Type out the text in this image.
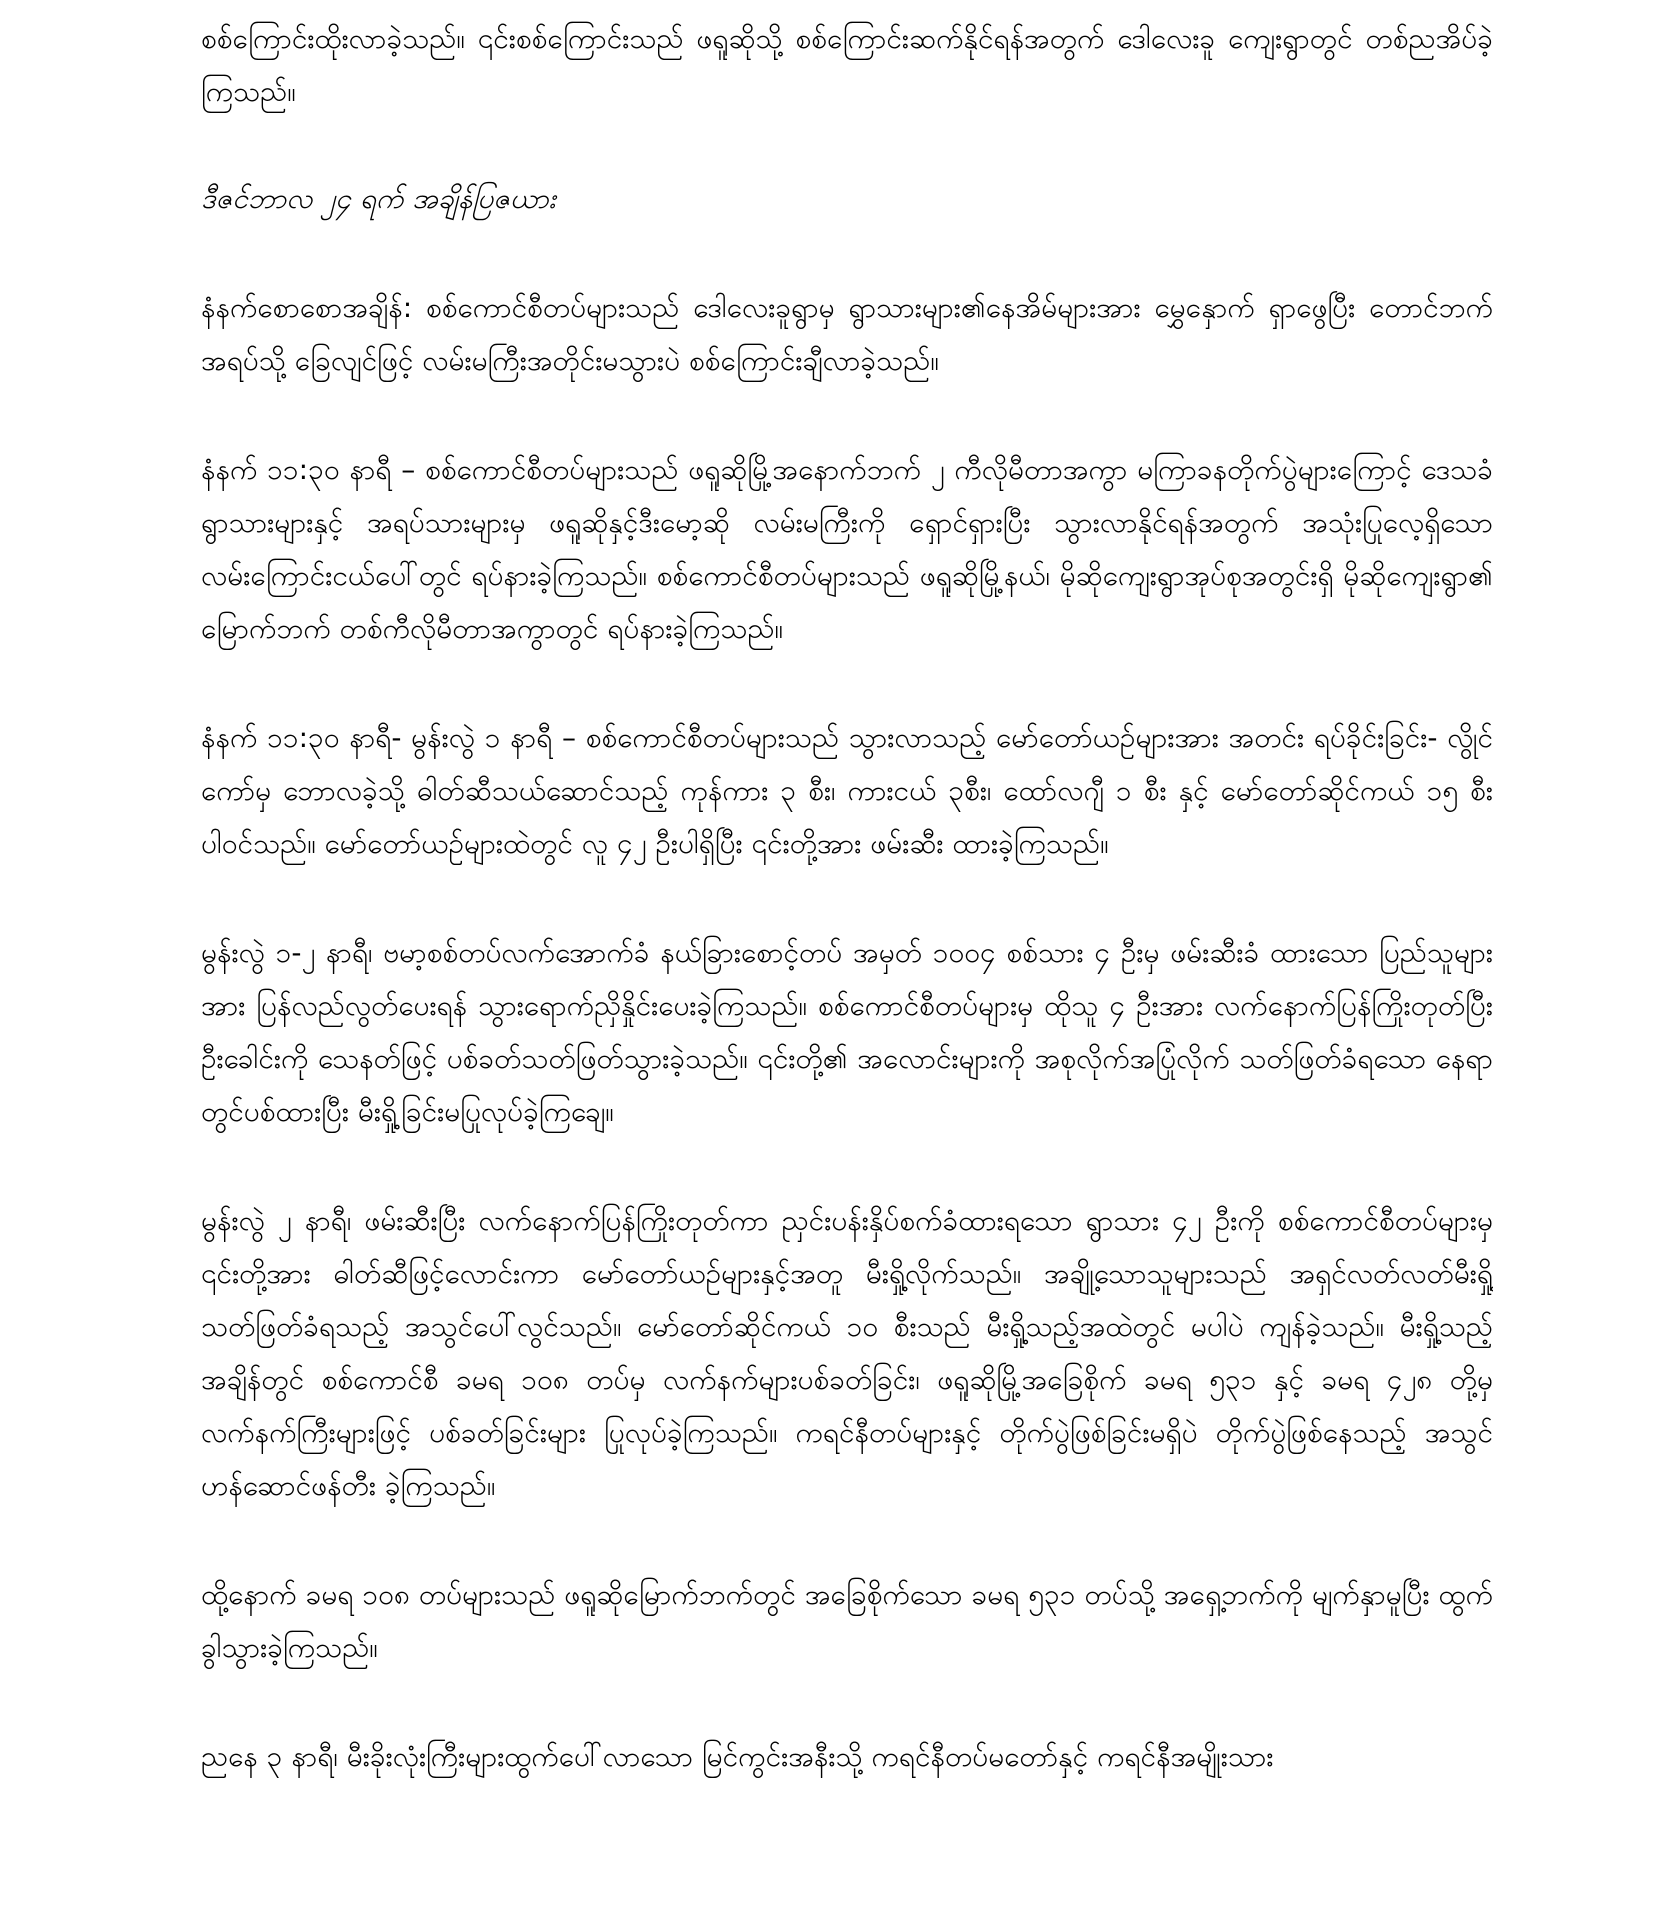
စစ်ကြောင်းထိုးလာခဲ့သည်။ ၎င်းစစ်ကြောင်းသည် ဖရူဆိုသို့ စစ်ကြောင်းဆက်နိုင်ရန်အတွက် ဒေါလေးခူ ကျေးရွာတွင် တစ်ညအိပ်ခဲ့ကြသည်။

ဒီဇင်ဘာလ ၂၄ ရက် အချိန်ပြဇယား

နံနက်စောစောအချိန်: စစ်ကောင်စီတပ်များသည် ဒေါလေးခူရွာမှ ရွာသားများ၏နေအိမ်များအား မွှေနှောက် ရှာဖွေပြီး တောင်ဘက်အရပ်သို့ ခြေလျင်ဖြင့် လမ်းမကြီးအတိုင်းမသွားပဲ စစ်ကြောင်းချီလာခဲ့သည်။

နံနက် ၁၁:၃၀ နာရီ – စစ်ကောင်စီတပ်များသည် ဖရူဆိုမြို့အနောက်ဘက် ၂ ကီလိုမီတာအကွာ မကြာခနတိုက်ပွဲများကြောင့် ဒေသခံရွာသားများနှင့် အရပ်သားများမှ ဖရူဆိုနှင့်ဒီးမော့ဆို လမ်းမကြီးကို ရှောင်ရှားပြီး သွားလာနိုင်ရန်အတွက် အသုံးပြုလေ့ရှိသော လမ်းကြောင်းငယ်ပေါ်တွင် ရပ်နားခဲ့ကြသည်။ စစ်ကောင်စီတပ်များသည် ဖရူဆိုမြို့နယ်၊ မိုဆိုကျေးရွာအုပ်စုအတွင်းရှိ မိုဆိုကျေးရွာ၏ မြောက်ဘက် တစ်ကီလိုမီတာအကွာတွင် ရပ်နားခဲ့ကြသည်။

နံနက် ၁၁:၃၀ နာရီ- မွန်းလွဲ ၁ နာရီ – စစ်ကောင်စီတပ်များသည် သွားလာသည့် မော်တော်ယဉ်များအား အတင်း ရပ်ခိုင်းခြင်း- လွိုင်ကော်မှ ဘောလခဲ့သို့ ဓါတ်ဆီသယ်ဆောင်သည့် ကုန်ကား ၃ စီး၊ ကားငယ် ၃စီး၊ ထော်လဂျီ ၁ စီး နှင့် မော်တော်ဆိုင်ကယ် ၁၅ စီးပါဝင်သည်။ မော်တော်ယဉ်များထဲတွင် လူ ၄၂ ဦးပါရှိပြီး ၎င်းတို့အား ဖမ်းဆီး ထားခဲ့ကြသည်။

မွန်းလွဲ ၁-၂ နာရီ၊ ဗမာ့စစ်တပ်လက်အောက်ခံ နယ်ခြားစောင့်တပ် အမှတ် ၁၀၀၄ စစ်သား ၄ ဦးမှ ဖမ်းဆီးခံ ထားသော ပြည်သူများအား ပြန်လည်လွတ်ပေးရန် သွားရောက်ညှိနှိုင်းပေးခဲ့ကြသည်။ စစ်ကောင်စီတပ်များမှ ထိုသူ ၄ ဦးအား လက်နောက်ပြန်ကြိုးတုတ်ပြီး ဦးခေါင်းကို သေနတ်ဖြင့် ပစ်ခတ်သတ်ဖြတ်သွားခဲ့သည်။ ၎င်းတို့၏ အလောင်းများကို အစုလိုက်အပြုံလိုက် သတ်ဖြတ်ခံရသော နေရာတွင်ပစ်ထားပြီး မီးရှို့ခြင်းမပြုလုပ်ခဲ့ကြချေ။

မွန်းလွဲ ၂ နာရီ၊ ဖမ်းဆီးပြီး လက်နောက်ပြန်ကြိုးတုတ်ကာ ညှင်းပန်းနှိပ်စက်ခံထားရသော ရွာသား ၄၂ ဦးကို စစ်ကောင်စီတပ်များမှ ၎င်းတို့အား ဓါတ်ဆီဖြင့်လောင်းကာ မော်တော်ယဉ်များနှင့်အတူ မီးရှို့လိုက်သည်။ အချို့သောသူများသည် အရှင်လတ်လတ်မီးရှို့သတ်ဖြတ်ခံရသည့် အသွင်ပေါ်လွင်သည်။ မော်တော်ဆိုင်ကယ် ၁၀ စီးသည် မီးရှို့သည့်အထဲတွင် မပါပဲ ကျန်ခဲ့သည်။ မီးရှို့သည့်အချိန်တွင် စစ်ကောင်စီ ခမရ ၁၀၈ တပ်မှ လက်နက်များပစ်ခတ်ခြင်း၊ ဖရူဆိုမြို့အခြေစိုက် ခမရ ၅၃၁ နှင့် ခမရ ၄၂၈ တို့မှ လက်နက်ကြီးများဖြင့် ပစ်ခတ်ခြင်းများ ပြုလုပ်ခဲ့ကြသည်။ ကရင်နီတပ်များနှင့် တိုက်ပွဲဖြစ်ခြင်းမရှိပဲ တိုက်ပွဲဖြစ်နေသည့် အသွင် ဟန်ဆောင်ဖန်တီး ခဲ့ကြသည်။

ထို့နောက် ခမရ ၁၀၈ တပ်များသည် ဖရူဆိုမြောက်ဘက်တွင် အခြေစိုက်သော ခမရ ၅၃၁ တပ်သို့ အရှေ့ဘက်ကို မျက်နှာမူပြီး ထွက်ခွါသွားခဲ့ကြသည်။

ညနေ ၃ နာရီ၊ မီးခိုးလုံးကြီးများထွက်ပေါ်လာသော မြင်ကွင်းအနီးသို့ ကရင်နီတပ်မတော်နှင့် ကရင်နီအမျိုးသား
